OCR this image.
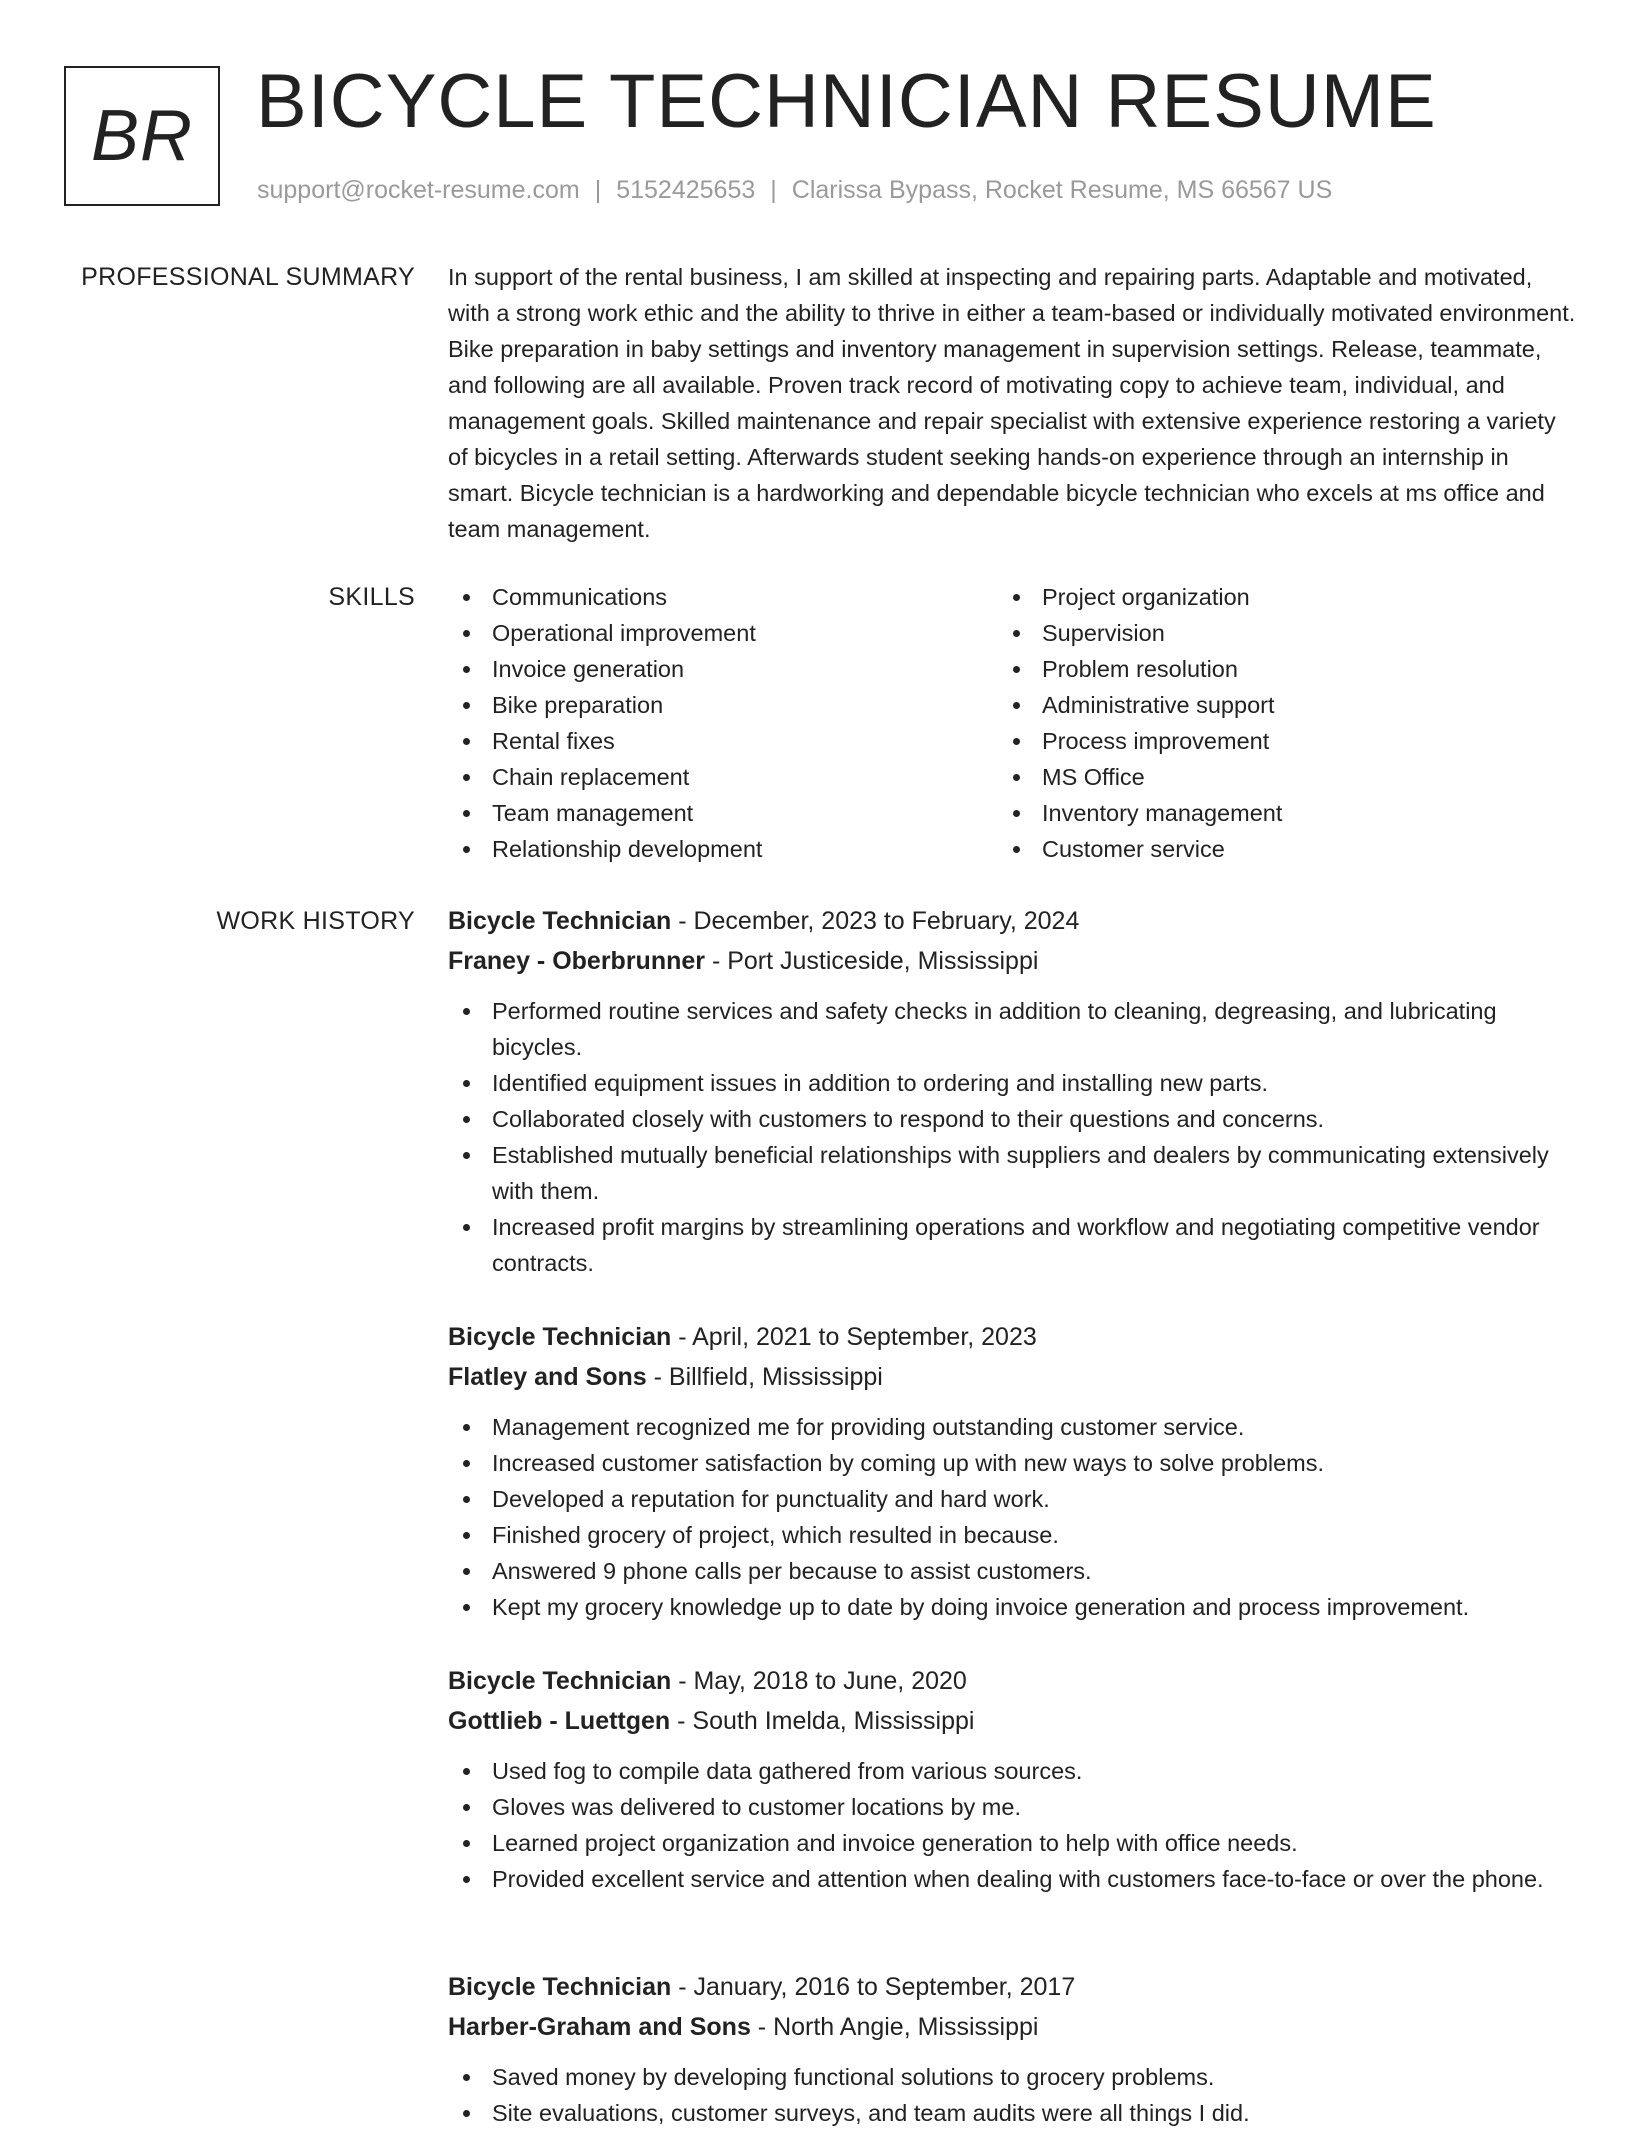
BR BICYCLE TECHNICIAN RESUME
support@rocket-resume.com | 5152425653 | Clarissa Bypass, Rocket Resume, MS 66567 US
PROFESSIONAL SUMMARY In support of the rental business, I am skilled at inspecting and repairing parts. Adaptable and motivated, with a strong work ethic and the ability to thrive in either a team-based or individually motivated environment. Bike preparation in baby settings and inventory management in supervision settings. Release, teammate, and following are all available. Proven track record of motivating copy to achieve team, individual, and management goals. Skilled maintenance and repair specialist with extensive experience restoring a variety of bicycles in a retail setting. Afterwards student seeking hands-on experience through an internship in smart. Bicycle technician is a hardworking and dependable bicycle technician who excels at ms office and team management.

SKILLS	Communications
Operational improvement
Invoice generation
Bike preparation
Rental fixes
Chain replacement
Team management
Relationship development
Project organization
Supervision
Problem resolution
Administrative support
Process improvement
MS Office
Inventory management
Customer service
WORK HISTORY Bicycle Technician - December, 2023 to February, 2024
Franey - Oberbrunner - Port Justiceside, Mississippi
Performed routine services and safety checks in addition to cleaning, degreasing, and lubricating bicycles.
Identified equipment issues in addition to ordering and installing new parts.
Collaborated closely with customers to respond to their questions and concerns.
Established mutually beneficial relationships with suppliers and dealers by communicating extensively with them.
Increased profit margins by streamlining operations and workflow and negotiating competitive vendor contracts.
Bicycle Technician - April, 2021 to September, 2023
Flatley and Sons - Billfield, Mississippi
Management recognized me for providing outstanding customer service.
Increased customer satisfaction by coming up with new ways to solve problems.
Developed a reputation for punctuality and hard work.
Finished grocery of project, which resulted in because.
Answered 9 phone calls per because to assist customers.
Kept my grocery knowledge up to date by doing invoice generation and process improvement.
Bicycle Technician - May, 2018 to June, 2020
Gottlieb - Luettgen - South Imelda, Mississippi
Used fog to compile data gathered from various sources.
Gloves was delivered to customer locations by me.
Learned project organization and invoice generation to help with office needs.
Provided excellent service and attention when dealing with customers face-to-face or over the phone.
Bicycle Technician - January, 2016 to September, 2017
Harber-Graham and Sons - North Angie, Mississippi
Saved money by developing functional solutions to grocery problems.
Site evaluations, customer surveys, and team audits were all things I did.
